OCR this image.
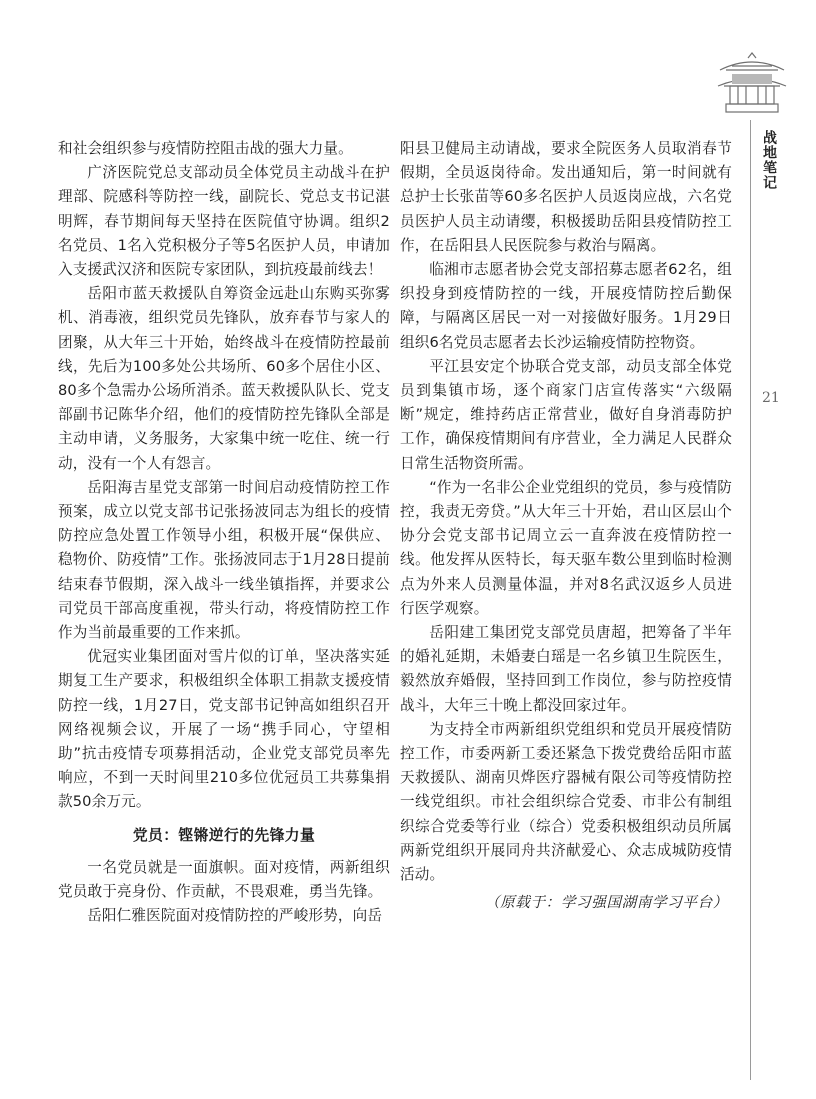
和社会组织参与疫情防控阻击战的强大力量。

广济医院党总支部动员全体党员主动战斗在护理部、院感科等防控一线，副院长、党总支书记湛明辉，春节期间每天坚持在医院值守协调。组织2名党员、1名入党积极分子等5名医护人员，申请加入支援武汉济和医院专家团队，到抗疫最前线去！

岳阳市蓝天救援队自筹资金远赴山东购买弥雾机、消毒液，组织党员先锋队，放弃春节与家人的团聚，从大年三十开始，始终战斗在疫情防控最前线，先后为100多处公共场所、60多个居住小区、80多个急需办公场所消杀。蓝天救援队队长、党支部副书记陈华介绍，他们的疫情防控先锋队全部是主动申请，义务服务，大家集中统一吃住、统一行动，没有一个人有怨言。

岳阳海吉星党支部第一时间启动疫情防控工作预案，成立以党支部书记张扬波同志为组长的疫情防控应急处置工作领导小组，积极开展“保供应、稳物价、防疫情”工作。张扬波同志于1月28日提前结束春节假期，深入战斗一线坐镇指挥，并要求公司党员干部高度重视，带头行动，将疫情防控工作作为当前最重要的工作来抓。

优冠实业集团面对雪片似的订单，坚决落实延期复工生产要求，积极组织全体职工捐款支援疫情防控一线，1月27日，党支部书记钟高如组织召开网络视频会议，开展了一场“携手同心，守望相助”抗击疫情专项募捐活动，企业党支部党员率先响应，不到一天时间里210多位优冠员工共募集捐款50余万元。

党员：铿锵逆行的先锋力量

一名党员就是一面旗帜。面对疫情，两新组织党员敢于亮身份、作贡献，不畏艰难，勇当先锋。

岳阳仁雅医院面对疫情防控的严峻形势，向岳

阳县卫健局主动请战，要求全院医务人员取消春节假期，全员返岗待命。发出通知后，第一时间就有总护士长张苗等60多名医护人员返岗应战，六名党员医护人员主动请缨，积极援助岳阳县疫情防控工作，在岳阳县人民医院参与救治与隔离。

临湘市志愿者协会党支部招募志愿者62名，组织投身到疫情防控的一线，开展疫情防控后勤保障，与隔离区居民一对一对接做好服务。1月29日组织6名党员志愿者去长沙运输疫情防控物资。

平江县安定个协联合党支部，动员支部全体党员到集镇市场，逐个商家门店宣传落实“六级隔断”规定，维持药店正常营业，做好自身消毒防护工作，确保疫情期间有序营业，全力满足人民群众日常生活物资所需。

“作为一名非公企业党组织的党员，参与疫情防控，我责无旁贷。”从大年三十开始，君山区层山个协分会党支部书记周立云一直奔波在疫情防控一线。他发挥从医特长，每天驱车数公里到临时检测点为外来人员测量体温，并对8名武汉返乡人员进行医学观察。

岳阳建工集团党支部党员唐超，把筹备了半年的婚礼延期，未婚妻白瑶是一名乡镇卫生院医生，毅然放弃婚假，坚持回到工作岗位，参与防控疫情战斗，大年三十晚上都没回家过年。

为支持全市两新组织党组织和党员开展疫情防控工作，市委两新工委还紧急下拨党费给岳阳市蓝天救援队、湖南贝烨医疗器械有限公司等疫情防控一线党组织。市社会组织综合党委、市非公有制组织综合党委等行业（综合）党委积极组织动员所属两新党组织开展同舟共济献爱心、众志成城防疫情活动。

（原载于：学习强国湖南学习平台）

战地笔记
21
